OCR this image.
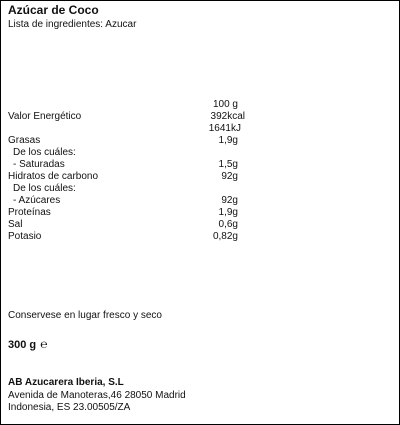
Azúcar de Coco
Lista de ingredientes: Azucar
100 g
Valor Energético	392kcal
1641kJ
Grasas	1,9g
De los cuáles:
- Saturadas	1,5g
Hidratos de carbono	92g
De los cuáles:
- Azúcares	92g
Proteínas	1,9g
Sal	0,6g
Potasio	0,82g
Conservese en lugar fresco y seco
300 g ℮
AB Azucarera Iberia, S.L
Avenida de Manoteras,46 28050 Madrid
Indonesia, ES 23.00505/ZA
